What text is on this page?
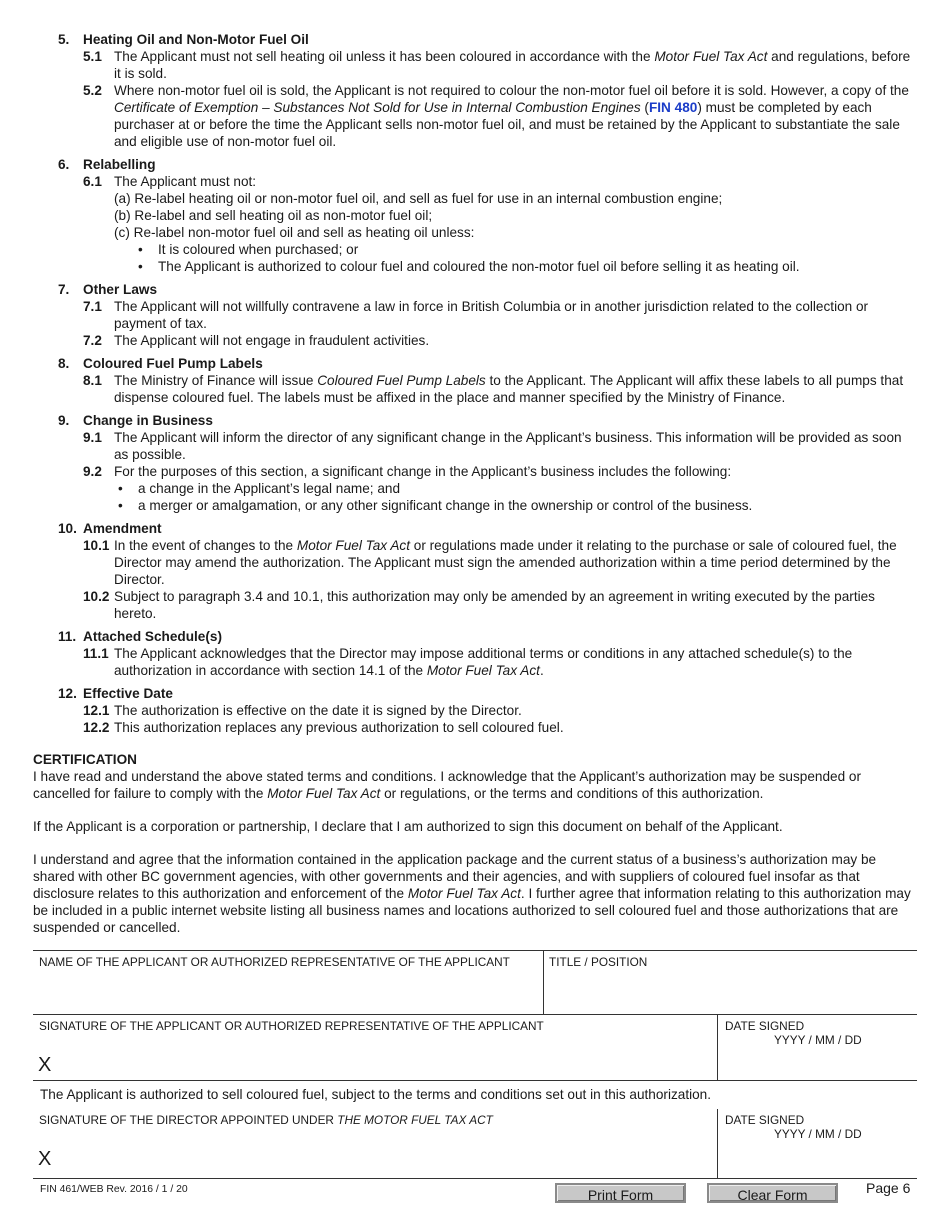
5.	Heating Oil and Non-Motor Fuel Oil
5.1 The Applicant must not sell heating oil unless it has been coloured in accordance with the Motor Fuel Tax Act and regulations, before it is sold.
5.2 Where non-motor fuel oil is sold, the Applicant is not required to colour the non-motor fuel oil before it is sold. However, a copy of the Certificate of Exemption – Substances Not Sold for Use in Internal Combustion Engines (FIN 480) must be completed by each purchaser at or before the time the Applicant sells non-motor fuel oil, and must be retained by the Applicant to substantiate the sale and eligible use of non-motor fuel oil.
6.	Relabelling
6.1 The Applicant must not:
(a) Re-label heating oil or non-motor fuel oil, and sell as fuel for use in an internal combustion engine;
(b) Re-label and sell heating oil as non-motor fuel oil;
(c) Re-label non-motor fuel oil and sell as heating oil unless:
•	It is coloured when purchased; or
•	The Applicant is authorized to colour fuel and coloured the non-motor fuel oil before selling it as heating oil.
7.	Other Laws
7.1 The Applicant will not willfully contravene a law in force in British Columbia or in another jurisdiction related to the collection or payment of tax.
7.2 The Applicant will not engage in fraudulent activities.
8.	Coloured Fuel Pump Labels
8.1 The Ministry of Finance will issue Coloured Fuel Pump Labels to the Applicant. The Applicant will affix these labels to all pumps that dispense coloured fuel. The labels must be affixed in the place and manner specified by the Ministry of Finance.
9.	Change in Business
9.1 The Applicant will inform the director of any significant change in the Applicant’s business. This information will be provided as soon as possible.
9.2 For the purposes of this section, a significant change in the Applicant’s business includes the following:
•	a change in the Applicant’s legal name; and
•	a merger or amalgamation, or any other significant change in the ownership or control of the business.
10. Amendment
10.1 In the event of changes to the Motor Fuel Tax Act or regulations made under it relating to the purchase or sale of coloured fuel, the Director may amend the authorization. The Applicant must sign the amended authorization within a time period determined by the Director.
10.2 Subject to paragraph 3.4 and 10.1, this authorization may only be amended by an agreement in writing executed by the parties hereto.
11. Attached Schedule(s)
11.1 The Applicant acknowledges that the Director may impose additional terms or conditions in any attached schedule(s) to the authorization in accordance with section 14.1 of the Motor Fuel Tax Act.
12. Effective Date
12.1 The authorization is effective on the date it is signed by the Director.
12.2 This authorization replaces any previous authorization to sell coloured fuel.
CERTIFICATION
I have read and understand the above stated terms and conditions. I acknowledge that the Applicant’s authorization may be suspended or cancelled for failure to comply with the Motor Fuel Tax Act or regulations, or the terms and conditions of this authorization.
If the Applicant is a corporation or partnership, I declare that I am authorized to sign this document on behalf of the Applicant.
I understand and agree that the information contained in the application package and the current status of a business’s authorization may be shared with other BC government agencies, with other governments and their agencies, and with suppliers of coloured fuel insofar as that disclosure relates to this authorization and enforcement of the Motor Fuel Tax Act. I further agree that information relating to this authorization may be included in a public internet website listing all business names and locations authorized to sell coloured fuel and those authorizations that are suspended or cancelled.
NAME OF THE APPLICANT OR AUTHORIZED REPRESENTATIVE OF THE APPLICANT	TITLE / POSITION
SIGNATURE OF THE APPLICANT OR AUTHORIZED REPRESENTATIVE OF THE APPLICANT
X
DATE SIGNED
YYYY / MM / DD
The Applicant is authorized to sell coloured fuel, subject to the terms and conditions set out in this authorization.
SIGNATURE OF THE DIRECTOR APPOINTED UNDER THE MOTOR FUEL TAX ACT
X
DATE SIGNED
YYYY / MM / DD
FIN 461/WEB Rev. 2016 / 1 / 20	Print Form	Clear Form	Page 6
